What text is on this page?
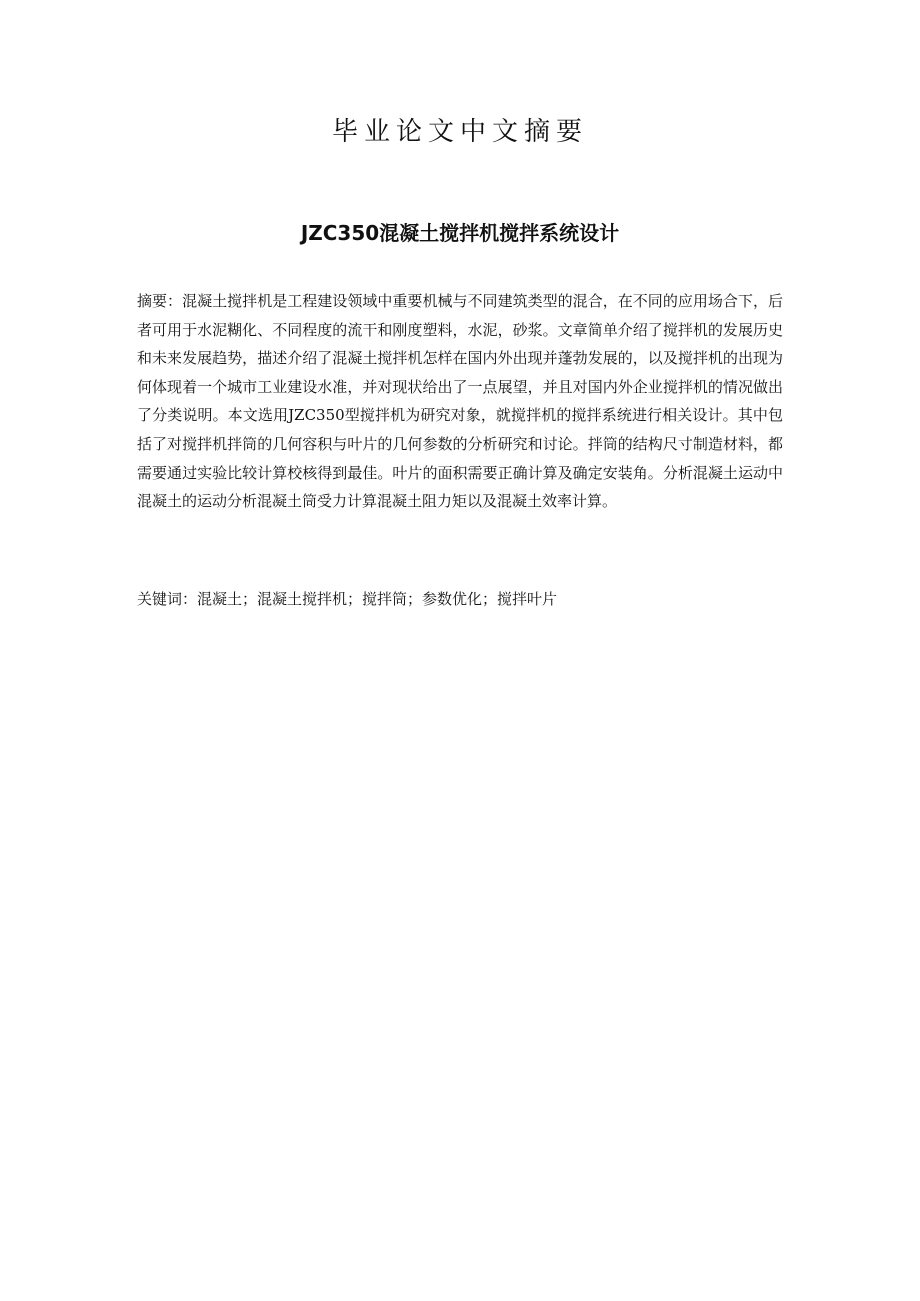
毕业论文中文摘要
JZC350混凝土搅拌机搅拌系统设计

摘要：混凝土搅拌机是工程建设领域中重要机械与不同建筑类型的混合，在不同的应用场合下，后者可用于水泥糊化、不同程度的流干和刚度塑料，水泥，砂浆。文章简单介绍了搅拌机的发展历史和未来发展趋势，描述介绍了混凝土搅拌机怎样在国内外出现并蓬勃发展的，以及搅拌机的出现为何体现着一个城市工业建设水准，并对现状给出了一点展望，并且对国内外企业搅拌机的情况做出了分类说明。本文选用JZC350型搅拌机为研究对象，就搅拌机的搅拌系统进行相关设计。其中包括了对搅拌机拌筒的几何容积与叶片的几何参数的分析研究和讨论。拌筒的结构尺寸制造材料，都需要通过实验比较计算校核得到最佳。叶片的面积需要正确计算及确定安装角。分析混凝土运动中混凝土的运动分析混凝土筒受力计算混凝土阻力矩以及混凝土效率计算。

关键词：混凝土；混凝土搅拌机；搅拌筒；参数优化；搅拌叶片
